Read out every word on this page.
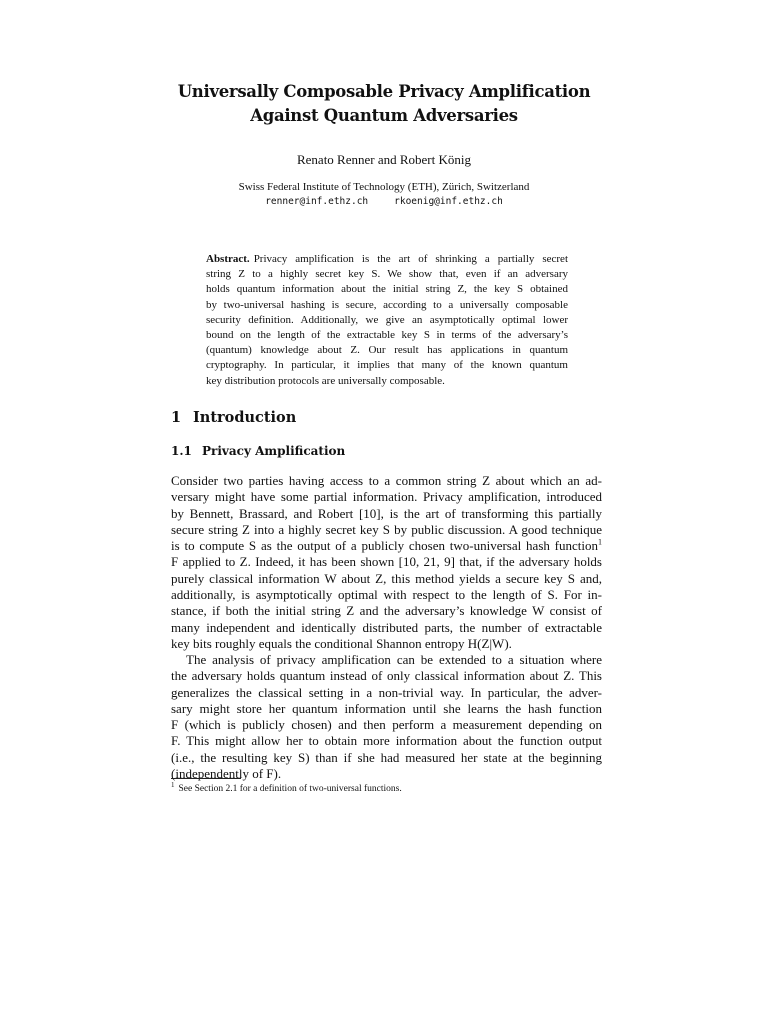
Universally Composable Privacy Amplification
Against Quantum Adversaries
Renato Renner and Robert König
Swiss Federal Institute of Technology (ETH), Zürich, Switzerland
renner@inf.ethz.ch	rkoenig@inf.ethz.ch
Abstract. Privacy amplification is the art of shrinking a partially secret
string Z to a highly secret key S. We show that, even if an adversary
holds quantum information about the initial string Z, the key S obtained
by two-universal hashing is secure, according to a universally composable
security definition. Additionally, we give an asymptotically optimal lower
bound on the length of the extractable key S in terms of the adversary’s
(quantum) knowledge about Z. Our result has applications in quantum
cryptography. In particular, it implies that many of the known quantum
key distribution protocols are universally composable.
1 Introduction
1.1 Privacy Amplification
Consider two parties having access to a common string Z about which an ad-
versary might have some partial information. Privacy amplification, introduced
by Bennett, Brassard, and Robert [10], is the art of transforming this partially
secure string Z into a highly secret key S by public discussion. A good technique
is to compute S as the output of a publicly chosen two-universal hash function$^1$
F applied to Z. Indeed, it has been shown [10, 21, 9] that, if the adversary holds
purely classical information W about Z, this method yields a secure key S and,
additionally, is asymptotically optimal with respect to the length of S. For in-
stance, if both the initial string Z and the adversary’s knowledge W consist of
many independent and identically distributed parts, the number of extractable
key bits roughly equals the conditional Shannon entropy H(Z|W).
The analysis of privacy amplification can be extended to a situation where
the adversary holds quantum instead of only classical information about Z. This
generalizes the classical setting in a non-trivial way. In particular, the adver-
sary might store her quantum information until she learns the hash function
F (which is publicly chosen) and then perform a measurement depending on
F. This might allow her to obtain more information about the function output
(i.e., the resulting key S) than if she had measured her state at the beginning
(independently of F).
$^1$ See Section 2.1 for a definition of two-universal functions.
